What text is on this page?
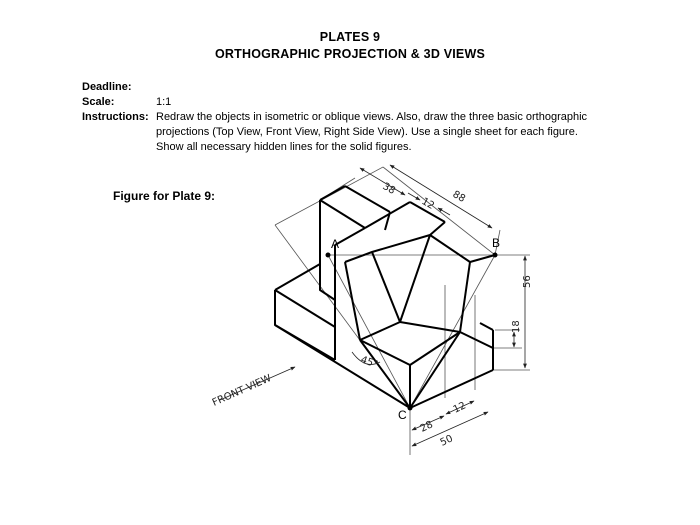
PLATES 9
ORTHOGRAPHIC PROJECTION & 3D VIEWS
Deadline:
Scale:	1:1
Instructions: Redraw the objects in isometric or oblique views. Also, draw the three basic orthographic projections (Top View, Front View, Right Side View). Use a single sheet for each figure. Show all necessary hidden lines for the solid figures.
Figure for Plate 9:
A	B
C
38
88
12
56
18
28
12
50
45°
FRONT VIEW
